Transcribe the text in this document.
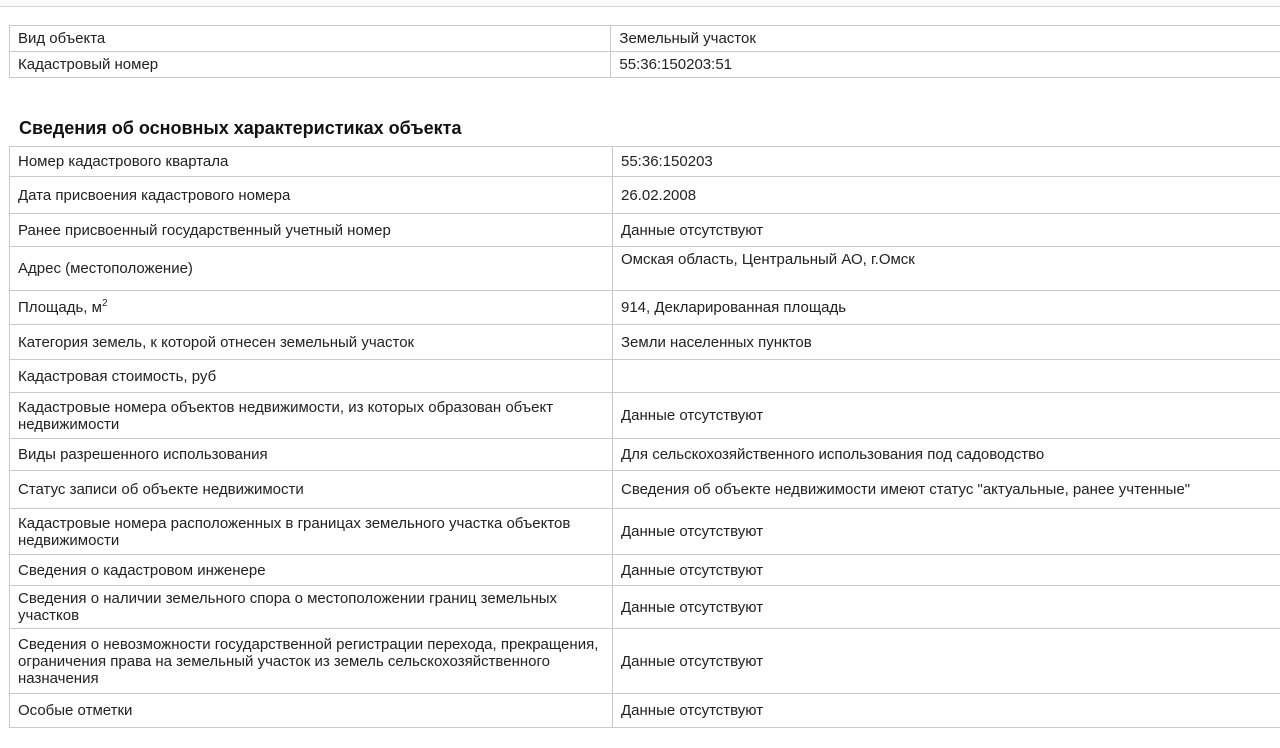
Вид объекта	Земельный участок
Кадастровый номер	55:36:150203:51
Сведения об основных характеристиках объекта
Номер кадастрового квартала	55:36:150203
Дата присвоения кадастрового номера	26.02.2008
Ранее присвоенный государственный учетный номер	Данные отсутствуют
Адрес (местоположение)	Омская область, Центральный АО, г.Омск
Площадь, $м^2$	914, Декларированная площадь
Категория земель, к которой отнесен земельный участок	Земли населенных пунктов
Кадастровая стоимость, руб	
Кадастровые номера объектов недвижимости, из которых образован объект недвижимости	Данные отсутствуют
Виды разрешенного использования	Для сельскохозяйственного использования под садоводство
Статус записи об объекте недвижимости	Сведения об объекте недвижимости имеют статус "актуальные, ранее учтенные"
Кадастровые номера расположенных в границах земельного участка объектов недвижимости	Данные отсутствуют
Сведения о кадастровом инженере	Данные отсутствуют
Сведения о наличии земельного спора о местоположении границ земельных участков	Данные отсутствуют
Сведения о невозможности государственной регистрации перехода, прекращения, ограничения права на земельный участок из земель сельскохозяйственного назначения	Данные отсутствуют
Особые отметки	Данные отсутствуют
